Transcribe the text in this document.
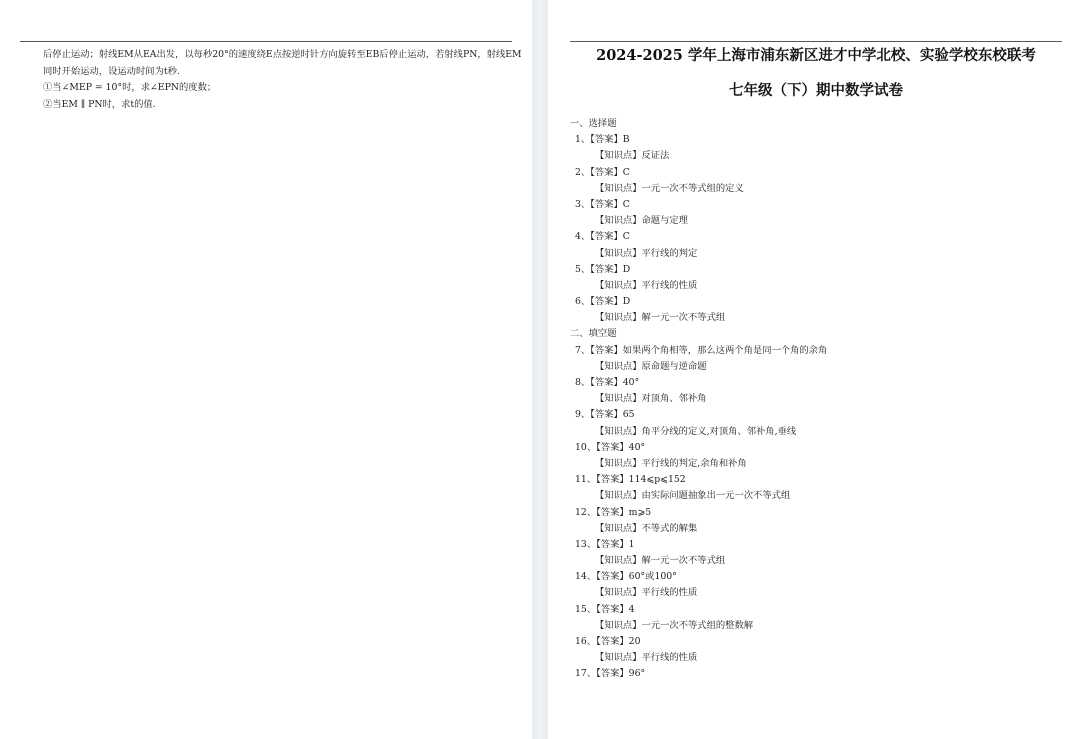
后停止运动；射线EM从EA出发，以每秒20°的速度绕E点按逆时针方向旋转至EB后停止运动，若射线PN，射线EM
同时开始运动，设运动时间为t秒.
①当∠MEP = 10°时，求∠EPN的度数；
②当EM ∥ PN时，求t的值.
2024-2025 学年上海市浦东新区进才中学北校、实验学校东校联考
七年级（下）期中数学试卷
一、选择题
1、【答案】B
【知识点】反证法
2、【答案】C
【知识点】一元一次不等式组的定义
3、【答案】C
【知识点】命题与定理
4、【答案】C
【知识点】平行线的判定
5、【答案】D
【知识点】平行线的性质
6、【答案】D
【知识点】解一元一次不等式组
二、填空题
7、【答案】如果两个角相等，那么这两个角是同一个角的余角
【知识点】原命题与逆命题
8、【答案】40°
【知识点】对顶角、邻补角
9、【答案】65
【知识点】角平分线的定义,对顶角、邻补角,垂线
10、【答案】40°
【知识点】平行线的判定,余角和补角
11、【答案】114⩽p⩽152
【知识点】由实际问题抽象出一元一次不等式组
12、【答案】m⩾5
【知识点】不等式的解集
13、【答案】1
【知识点】解一元一次不等式组
14、【答案】60°或100°
【知识点】平行线的性质
15、【答案】4
【知识点】一元一次不等式组的整数解
16、【答案】20
【知识点】平行线的性质
17、【答案】96°
